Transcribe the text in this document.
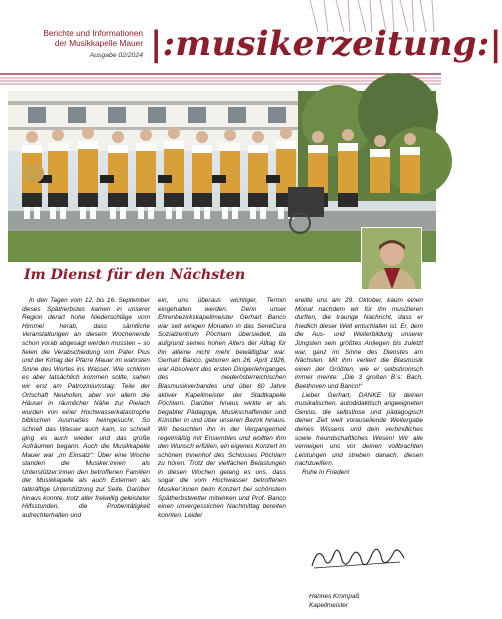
Berichte und Informationen
der Musikkapelle Mauer
Ausgabe 02/2024 |:musikerzeitung:|
Im Dienst für den Nächsten

In den Tagen vom 12. bis 16. September dieses Spätherbstes kamen in unserer Region derart hohe Niederschläge vom Himmel herab, dass sämtliche Veranstaltungen an diesem Wochenende schon vorab abgesagt werden mussten – so fielen die Verabschiedung von Pater Pius und der Kirtag der Pfarre Mauer im wahrsten Sinne des Wortes ins Wasser. Wie schlimm es aber tatsächlich kommen sollte, sahen wir erst am Patroziniumstag: Teile der Ortschaft Neuhofen, aber vor allem die Häuser in räumlicher Nähe zur Pielach wurden von einer Hochwasserkatastrophe biblischen Ausmaßes heimgesucht. So schnell das Wasser auch kam, so schnell ging es auch wieder und das große Aufräumen begann. Auch die Musikkapelle Mauer war „im Einsatz“: Über eine Woche standen die Musiker:innen als Unterstützer:innen den betroffenen Familien der Musikkapelle als auch Externen als tatkräftige Unterstützung zur Seite. Darüber hinaus konnte, trotz aller freiwillig geleisteter Hilfsstunden, die Probentätigkeit aufrechterhalten und

ein, uns überaus wichtiger, Termin eingehalten werden. Denn unser Ehrenbezirkskapellmeister Gerhart Banco war seit einigen Monaten in das SeneCura Sozialzentrum Pöchlarn übersiedelt, da aufgrund seines hohen Alters der Alltag für ihn alleine nicht mehr bewältigbar war. Gerhart Banco, geboren am 26. April 1926, war Absolvent des ersten Dirigierlehrganges des niederösterreichischen Blasmusikverbandes und über 60 Jahre aktiver Kapellmeister der Stadtkapelle Pöchlarn. Darüber hinaus wirkte er als begabter Pädagoge, Musikschaffender und Künstler in und über unseren Bezirk hinaus. Wir besuchten ihn in der Vergangenheit regelmäßig mit Ensembles und wollten ihm den Wunsch erfüllen, ein eigenes Konzert im schönen Innenhof des Schlosses Pöchlarn zu hören. Trotz der vielfachen Belastungen in diesen Wochen gelang es uns, dass sogar die vom Hochwasser betroffenen Musiker:innen beim Konzert bei schönstem Spätherbstwetter mitwirken und Prof. Banco einen unvergesslichen Nachmittag bereiten konnten. Leider

ereilte uns am 29. Oktober, kaum einen Monat nachdem wir für ihn musizieren durften, die traurige Nachricht, dass er friedlich dieser Welt entschlafen ist. Er, dem die Aus- und Weiterbildung unserer Jüngsten sein größtes Anliegen bis zuletzt war, ganz im Sinne des Dienstes am Nächsten. Mit ihm verliert die Blasmusik einen der Größten, wie er selbstironisch immer meinte: „Die 3 großen B´s: Bach, Beethoven und Banco!“

Lieber Gerhart, DANKE für deinen musikalischen, autodidaktisch angeeigneten Genius, die selbstlose und pädagogisch deiner Zeit weit vorauseilende Weitergabe deines Wissens und dein verbindliches sowie freundschaftliches Wesen! Wir alle verneigen uns vor deinen vollbrachten Leistungen und streben danach, diesen nachzueifern.

Ruhe in Frieden!

Hannes Krompaß
Kapellmeister
